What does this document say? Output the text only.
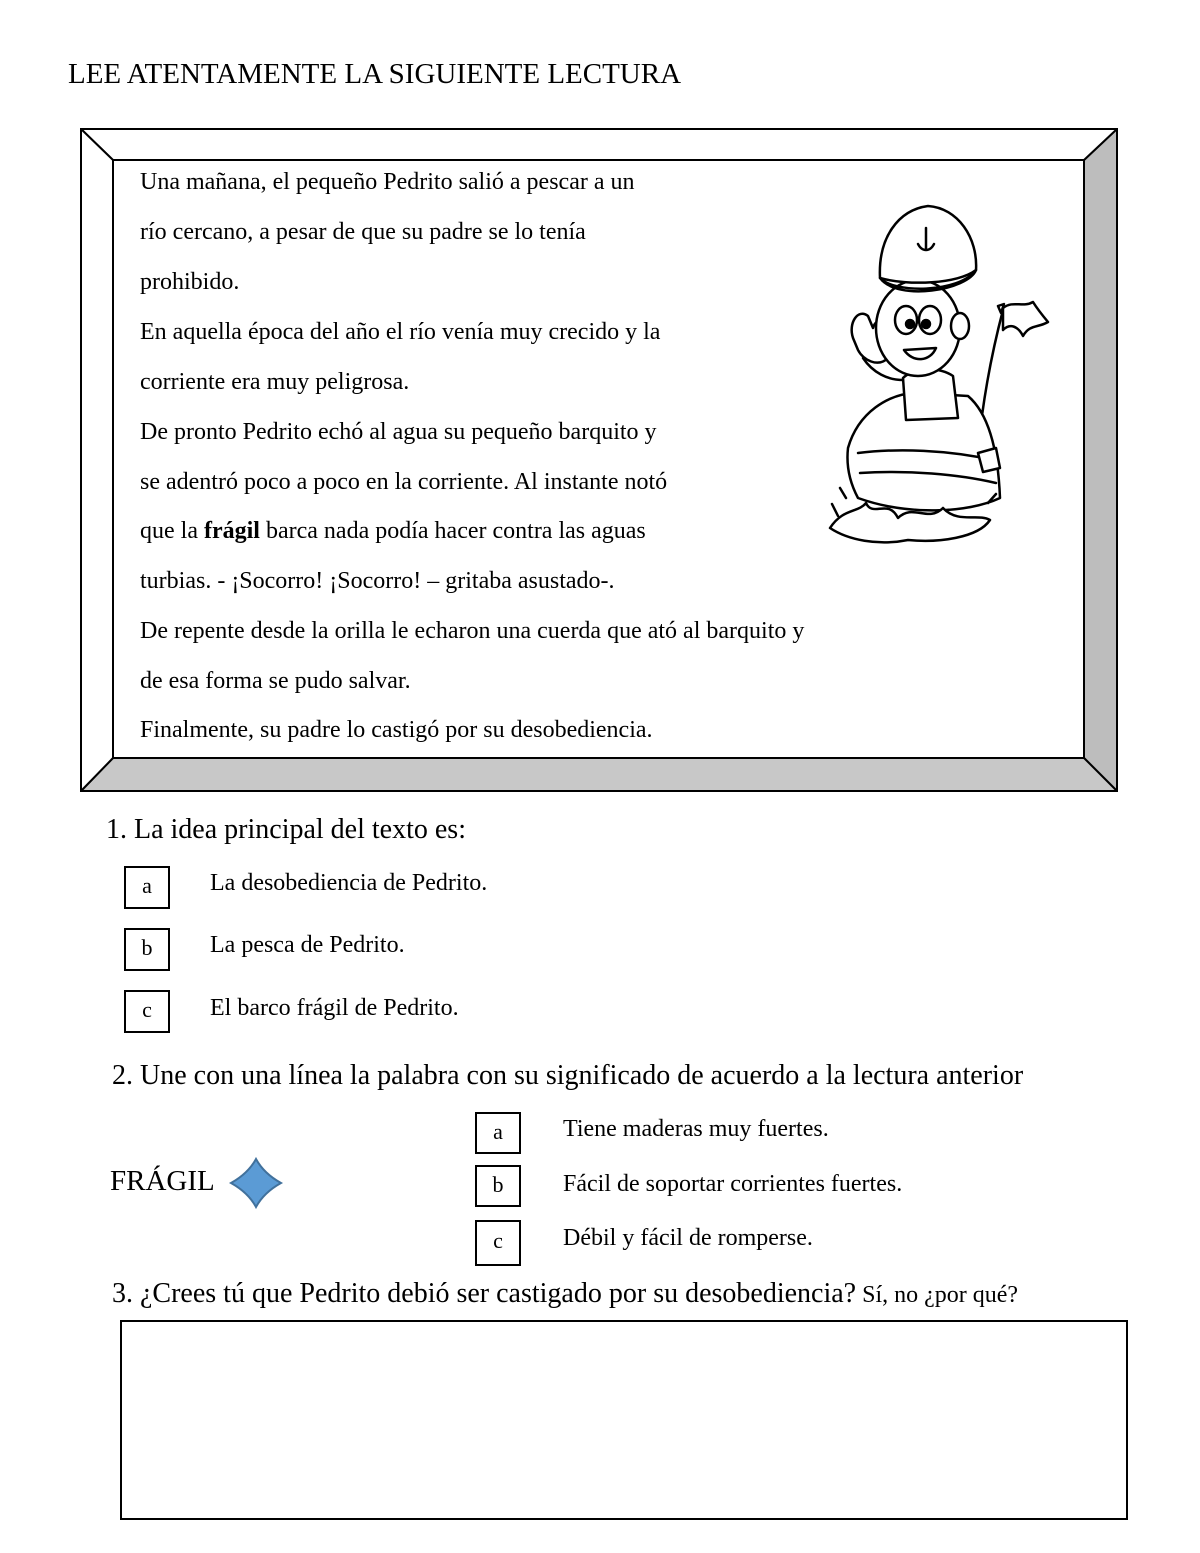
LEE ATENTAMENTE LA SIGUIENTE LECTURA
Una mañana, el pequeño Pedrito salió a pescar a un
río cercano, a pesar de que su padre se lo tenía
prohibido.
En aquella época del año el río venía muy crecido y la
corriente era muy peligrosa.
De pronto Pedrito echó al agua su pequeño barquito y
se adentró poco a poco en la corriente. Al instante notó
que la frágil barca nada podía hacer contra las aguas
turbias. - ¡Socorro! ¡Socorro! – gritaba asustado-.
De repente desde la orilla le echaron una cuerda que ató al barquito y
de esa forma se pudo salvar.
Finalmente, su padre lo castigó por su desobediencia.
1. La idea principal del texto es:
a	La desobediencia de Pedrito.
b	La pesca de Pedrito.
c	El barco frágil de Pedrito.
2. Une con una línea la palabra con su significado de acuerdo a la lectura anterior
FRÁGIL
a	Tiene maderas muy fuertes.
b	Fácil de soportar corrientes fuertes.
c	Débil y fácil de romperse.
3. ¿Crees tú que Pedrito debió ser castigado por su desobediencia? Sí, no ¿por qué?
